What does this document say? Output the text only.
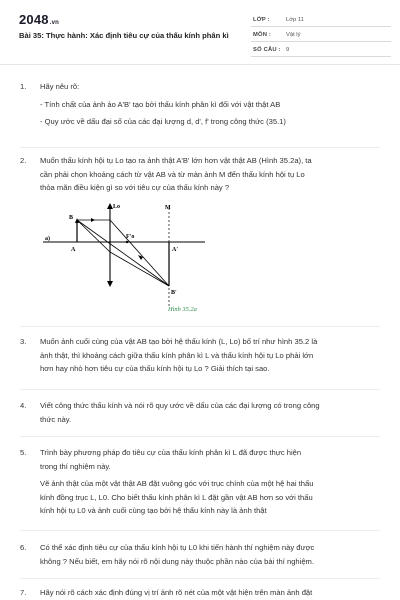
2048.vn
Bài 35: Thực hành: Xác định tiêu cự của thấu kính phân kì
LỚP :	Lớp 11
MÔN :	Vật lý
SỐ CÂU : 9
1. Hãy nêu rõ:
- Tính chất của ảnh ảo A'B' tạo bởi thấu kính phân kì đối với vật thật AB
- Quy ước về dấu đại số của các đại lượng d, d', f' trong công thức (35.1)
2. Muốn thấu kính hội tụ Lo tạo ra ảnh thật A'B' lớn hơn vật thật AB (Hình 35.2a), ta
cần phải chọn khoảng cách từ vật AB và từ màn ảnh M đến thấu kính hội tụ Lo
thỏa mãn điều kiện gì so với tiêu cự của thấu kính này ?
Lo	M
B
a)
A
F'o
A'
B'
Hình 35.2a
3. Muốn ảnh cuối cùng của vật AB tạo bởi hệ thấu kính (L, Lo) bố trí như hình 35.2 là
ảnh thật, thì khoảng cách giữa thấu kính phân kì L và thấu kính hội tụ Lo phải lớn
hơn hay nhỏ hơn tiêu cự của thấu kính hội tụ Lo ? Giải thích tại sao.
4. Viết công thức thấu kính và nói rõ quy ước về dấu của các đại lượng có trong công
thức này.
5. Trình bày phương pháp đo tiêu cự của thấu kính phân kì L đã được thực hiện
trong thí nghiệm này.
Vẽ ảnh thật của một vật thật AB đặt vuông góc với trục chính của một hệ hai thấu
kính đồng trục L, L0. Cho biết thấu kính phân kì L đặt gần vật AB hơn so với thấu
kính hội tụ L0 và ảnh cuối cùng tạo bởi hệ thấu kính này là ảnh thật
6. Có thể xác định tiêu cự của thấu kính hội tụ L0 khi tiến hành thí nghiệm này được
không ? Nếu biết, em hãy nói rõ nội dung này thuộc phần nào của bài thí nghiệm.
7. Hãy nói rõ cách xác định đúng vị trí ảnh rõ nét của một vật hiện trên màn ảnh đặt
